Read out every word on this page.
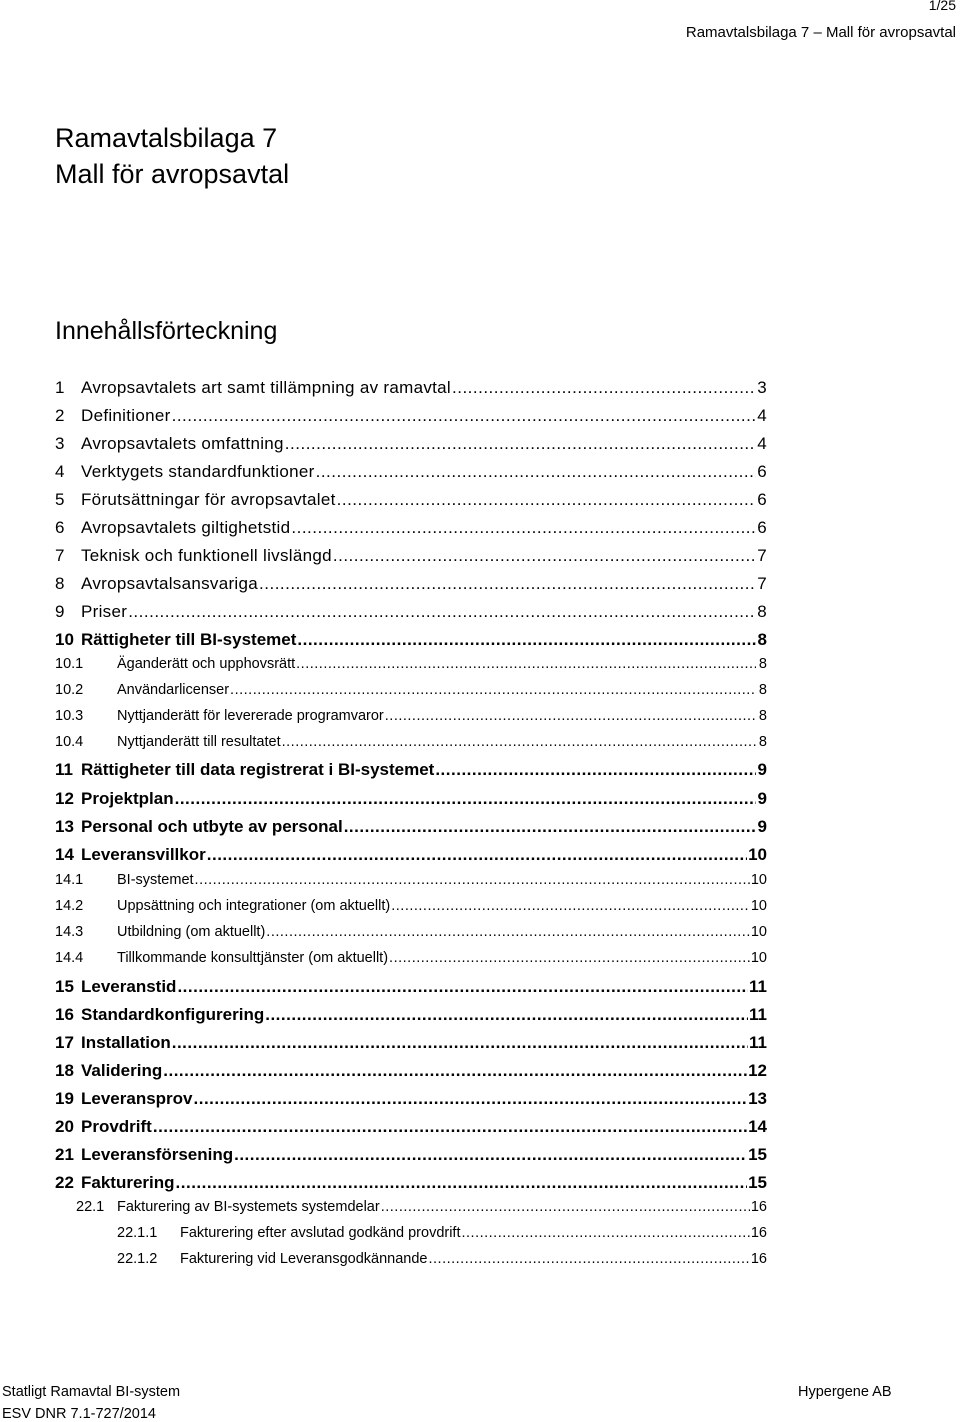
1/25
Ramavtalsbilaga 7 – Mall för avropsavtal
Ramavtalsbilaga 7
Mall för avropsavtal
Innehållsförteckning
1 Avropsavtalets art samt tillämpning av ramavtal .....	3
2 Definitioner .....	4
3 Avropsavtalets omfattning .....	4
4 Verktygets standardfunktioner .....	6
5 Förutsättningar för avropsavtalet .....	6
6 Avropsavtalets giltighetstid .....	6
7 Teknisk och funktionell livslängd .....	7
8 Avropsavtalsansvariga .....	7
9 Priser .....	8
10 Rättigheter till BI-systemet .....	8
10.1	Äganderätt och upphovsrätt .....	8
10.2	Användarlicenser .....	8
10.3	Nyttjanderätt för levererade programvaror .....	8
10.4	Nyttjanderätt till resultatet .....	8
11 Rättigheter till data registrerat i BI-systemet .....	9
12 Projektplan .....	9
13 Personal och utbyte av personal .....	9
14 Leveransvillkor .....	10
14.1	BI-systemet .....	10
14.2	Uppsättning och integrationer (om aktuellt) .....	10
14.3	Utbildning (om aktuellt) .....	10
14.4	Tillkommande konsulttjänster (om aktuellt) .....	10
15 Leveranstid .....	11
16 Standardkonfigurering .....	11
17 Installation .....	11
18 Validering .....	12
19 Leveransprov .....	13
20 Provdrift .....	14
21 Leveransförsening .....	15
22 Fakturering .....	15
22.1 Fakturering av BI-systemets systemdelar .....	16
22.1.1	Fakturering efter avslutad godkänd provdrift .....	16
22.1.2	Fakturering vid Leveransgodkännande .....	16
Statligt Ramavtal BI-system
ESV DNR 7.1-727/2014
Hypergene AB
